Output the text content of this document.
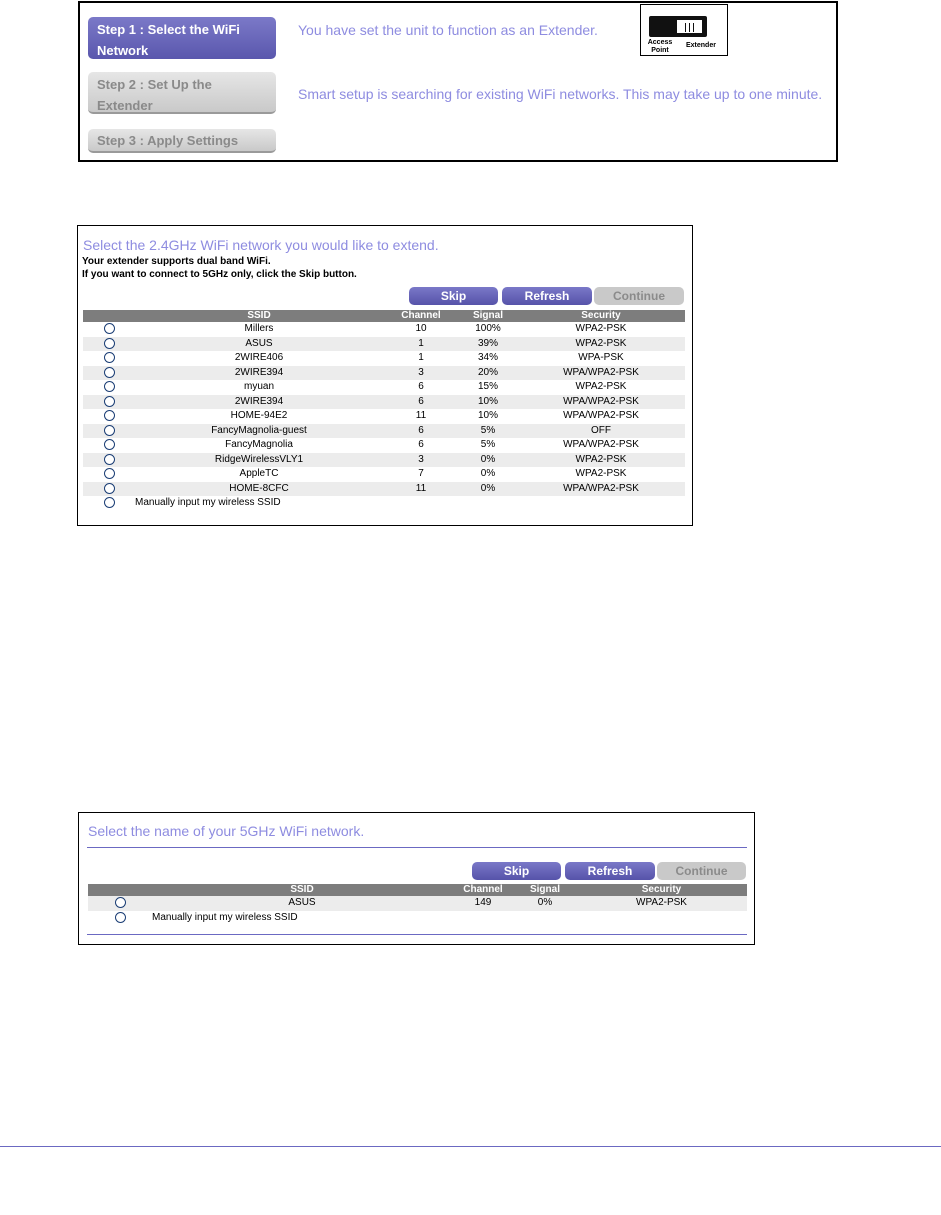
Step 1 : Select the WiFi
Network
Step 2 : Set Up the
Extender
Step 3 : Apply Settings
You have set the unit to function as an Extender.
Smart setup is searching for existing WiFi networks. This may take up to one minute.
Access Point
Extender
Select the 2.4GHz WiFi network you would like to extend.
Your extender supports dual band WiFi.
If you want to connect to 5GHz only, click the Skip button.
Skip	Refresh	Continue
	SSID	Channel	Signal	Security
	Millers	10	100%	WPA2-PSK
	ASUS	1	39%	WPA2-PSK
	2WIRE406	1	34%	WPA-PSK
	2WIRE394	3	20%	WPA/WPA2-PSK
	myuan	6	15%	WPA2-PSK
	2WIRE394	6	10%	WPA/WPA2-PSK
	HOME-94E2	11	10%	WPA/WPA2-PSK
	FancyMagnolia-guest	6	5%	OFF
	FancyMagnolia	6	5%	WPA/WPA2-PSK
	RidgeWirelessVLY1	3	0%	WPA2-PSK
	AppleTC	7	0%	WPA2-PSK
	HOME-8CFC	11	0%	WPA/WPA2-PSK
	Manually input my wireless SSID			
Select the name of your 5GHz WiFi network.
Skip	Refresh	Continue
	SSID	Channel	Signal	Security
	ASUS	149	0%	WPA2-PSK
	Manually input my wireless SSID			
